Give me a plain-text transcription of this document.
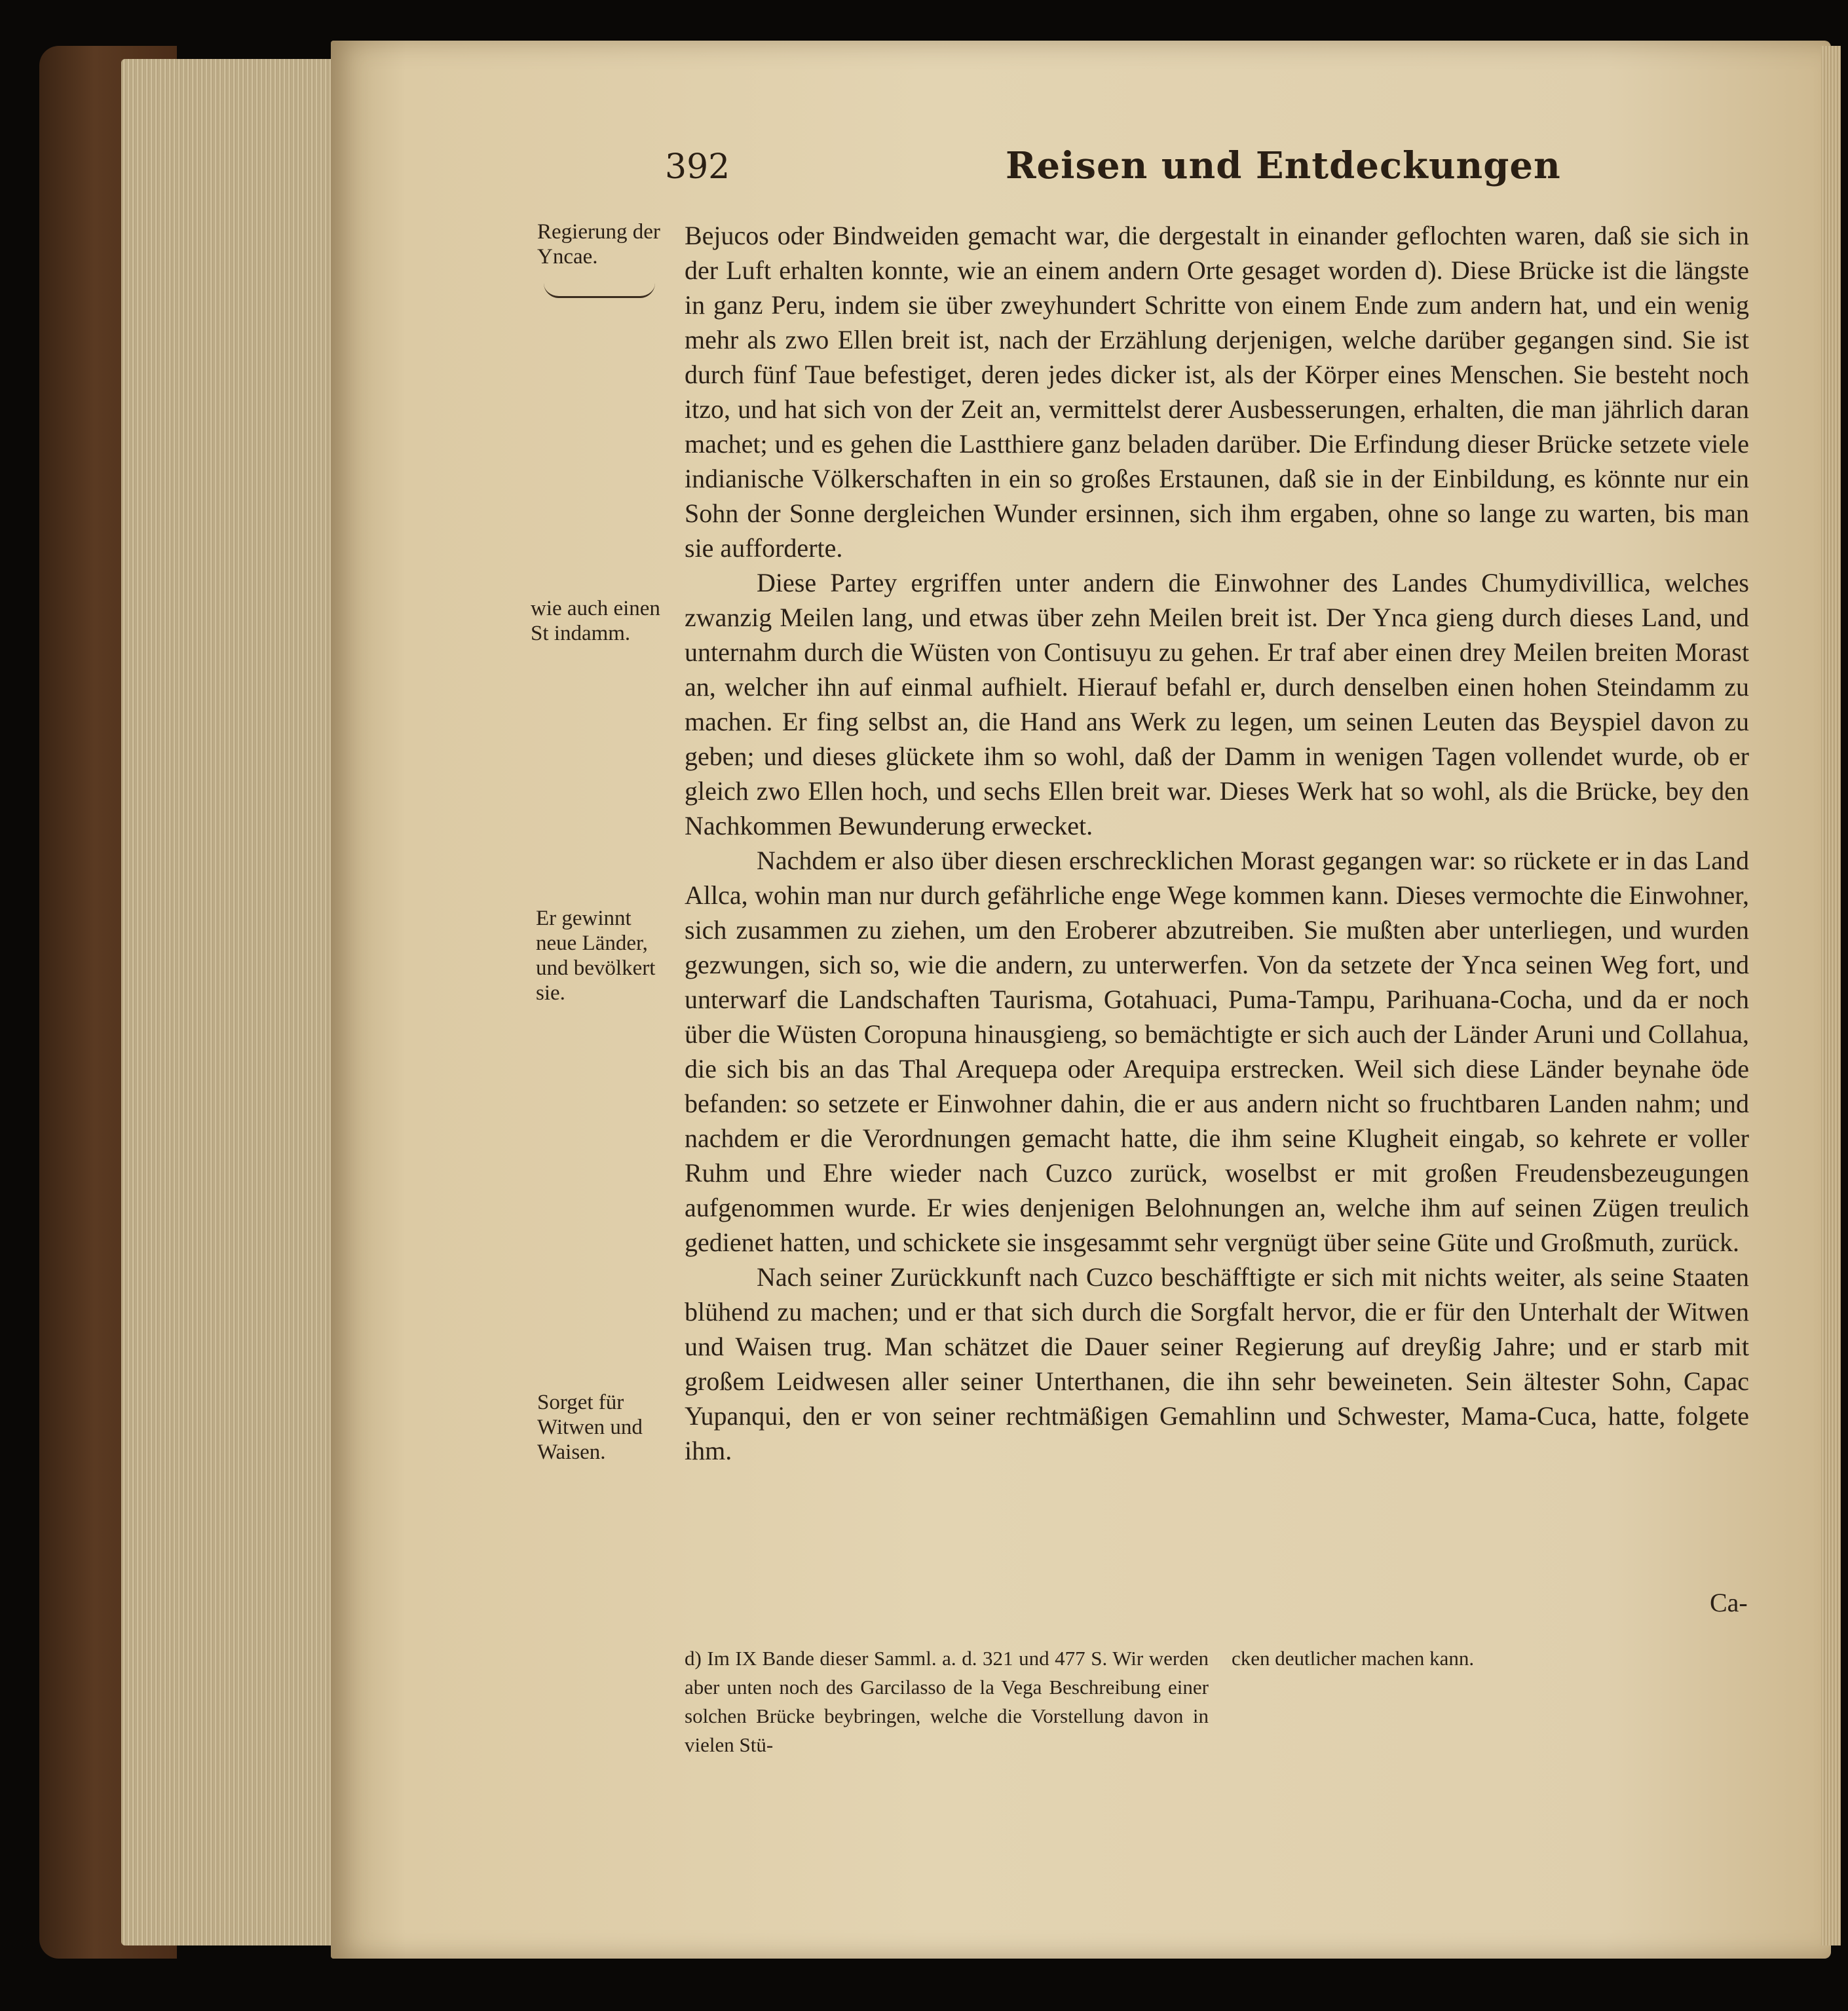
392	Reisen und Entdeckungen
Regierung der Yncae.
wie auch einen St indamm.
Er gewinnt neue Länder, und bevölkert sie.
Sorget für Witwen und Waisen.

Bejucos oder Bindweiden gemacht war, die dergestalt in einander geflochten waren, daß sie sich in der Luft erhalten konnte, wie an einem andern Orte gesaget worden d). Diese Brücke ist die längste in ganz Peru, indem sie über zweyhundert Schritte von einem Ende zum andern hat, und ein wenig mehr als zwo Ellen breit ist, nach der Erzählung derjenigen, welche darüber gegangen sind. Sie ist durch fünf Taue befestiget, deren jedes dicker ist, als der Körper eines Menschen. Sie besteht noch itzo, und hat sich von der Zeit an, vermittelst derer Ausbesserungen, erhalten, die man jährlich daran machet; und es gehen die Lastthiere ganz beladen darüber. Die Erfindung dieser Brücke setzete viele indianische Völkerschaften in ein so großes Erstaunen, daß sie in der Einbildung, es könnte nur ein Sohn der Sonne dergleichen Wunder ersinnen, sich ihm ergaben, ohne so lange zu warten, bis man sie aufforderte.

Diese Partey ergriffen unter andern die Einwohner des Landes Chumydivillica, welches zwanzig Meilen lang, und etwas über zehn Meilen breit ist. Der Ynca gieng durch dieses Land, und unternahm durch die Wüsten von Contisuyu zu gehen. Er traf aber einen drey Meilen breiten Morast an, welcher ihn auf einmal aufhielt. Hierauf befahl er, durch denselben einen hohen Steindamm zu machen. Er fing selbst an, die Hand ans Werk zu legen, um seinen Leuten das Beyspiel davon zu geben; und dieses glückete ihm so wohl, daß der Damm in wenigen Tagen vollendet wurde, ob er gleich zwo Ellen hoch, und sechs Ellen breit war. Dieses Werk hat so wohl, als die Brücke, bey den Nachkommen Bewunderung erwecket.

Nachdem er also über diesen erschrecklichen Morast gegangen war: so rückete er in das Land Allca, wohin man nur durch gefährliche enge Wege kommen kann. Dieses vermochte die Einwohner, sich zusammen zu ziehen, um den Eroberer abzutreiben. Sie mußten aber unterliegen, und wurden gezwungen, sich so, wie die andern, zu unterwerfen. Von da setzete der Ynca seinen Weg fort, und unterwarf die Landschaften Taurisma, Gotahuaci, Puma-Tampu, Parihuana-Cocha, und da er noch über die Wüsten Coropuna hinausgieng, so bemächtigte er sich auch der Länder Aruni und Collahua, die sich bis an das Thal Arequepa oder Arequipa erstrecken. Weil sich diese Länder beynahe öde befanden: so setzete er Einwohner dahin, die er aus andern nicht so fruchtbaren Landen nahm; und nachdem er die Verordnungen gemacht hatte, die ihm seine Klugheit eingab, so kehrete er voller Ruhm und Ehre wieder nach Cuzco zurück, woselbst er mit großen Freudensbezeugungen aufgenommen wurde. Er wies denjenigen Belohnungen an, welche ihm auf seinen Zügen treulich gedienet hatten, und schickete sie insgesammt sehr vergnügt über seine Güte und Großmuth, zurück.

Nach seiner Zurückkunft nach Cuzco beschäfftigte er sich mit nichts weiter, als seine Staaten blühend zu machen; und er that sich durch die Sorgfalt hervor, die er für den Unterhalt der Witwen und Waisen trug. Man schätzet die Dauer seiner Regierung auf dreyßig Jahre; und er starb mit großem Leidwesen aller seiner Unterthanen, die ihn sehr beweineten. Sein ältester Sohn, Capac Yupanqui, den er von seiner rechtmäßigen Gemahlinn und Schwester, Mama-Cuca, hatte, folgete ihm.

Ca-
d) Im IX Bande dieser Samml. a. d. 321 und 477 S. Wir werden aber unten noch des Garcilasso de la Vega Beschreibung einer solchen Brücke beybringen, welche die Vorstellung davon in vielen Stü-
cken deutlicher machen kann.
